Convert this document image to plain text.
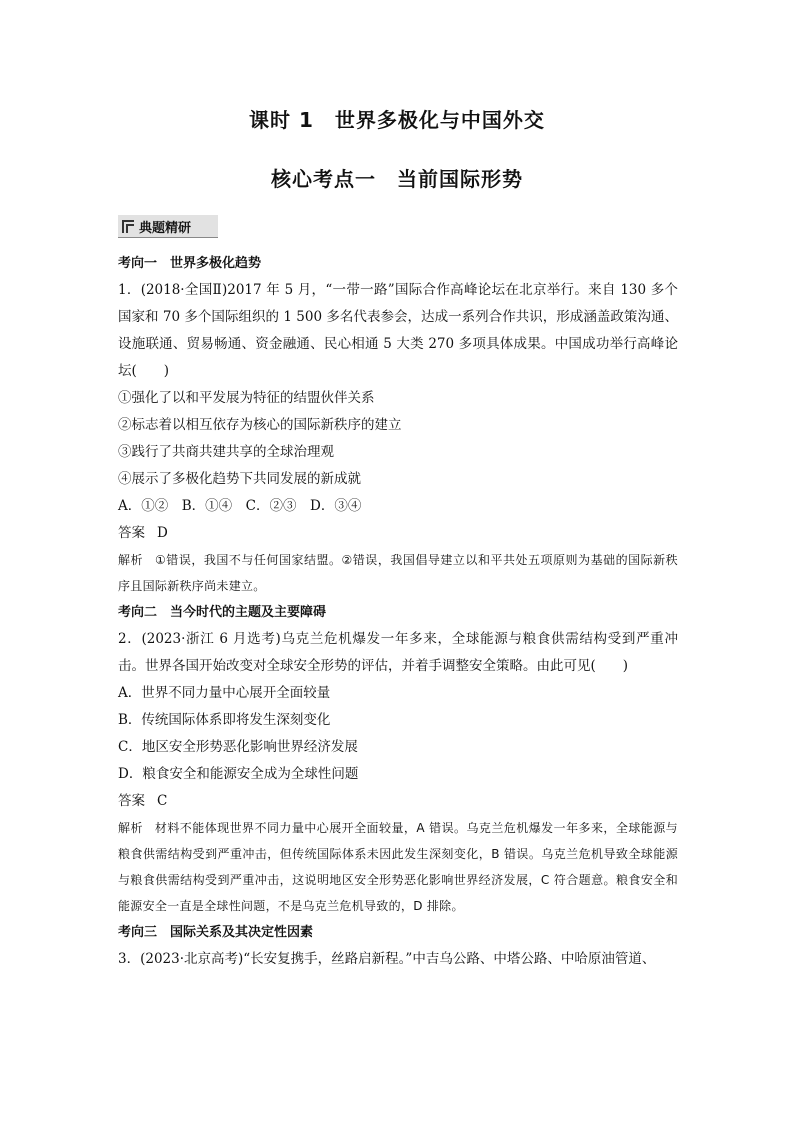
课时 1　世界多极化与中国外交
核心考点一　当前国际形势
典题精研
考向一　世界多极化趋势
1．(2018·全国Ⅱ)2017 年 5 月，“一带一路”国际合作高峰论坛在北京举行。来自 130 多个国家和 70 多个国际组织的 1 500 多名代表参会，达成一系列合作共识，形成涵盖政策沟通、设施联通、贸易畅通、资金融通、民心相通 5 大类 270 多项具体成果。中国成功举行高峰论坛(　　)
①强化了以和平发展为特征的结盟伙伴关系
②标志着以相互依存为核心的国际新秩序的建立
③践行了共商共建共享的全球治理观
④展示了多极化趋势下共同发展的新成就
A．①②　B．①④　C．②③　D．③④
答案 D
解析 ①错误，我国不与任何国家结盟。②错误，我国倡导建立以和平共处五项原则为基础的国际新秩序且国际新秩序尚未建立。
考向二　当今时代的主题及主要障碍
2．(2023·浙江 6 月选考)乌克兰危机爆发一年多来，全球能源与粮食供需结构受到严重冲击。世界各国开始改变对全球安全形势的评估，并着手调整安全策略。由此可见(　　)
A．世界不同力量中心展开全面较量
B．传统国际体系即将发生深刻变化
C．地区安全形势恶化影响世界经济发展
D．粮食安全和能源安全成为全球性问题
答案 C
解析 材料不能体现世界不同力量中心展开全面较量，A 错误。乌克兰危机爆发一年多来，全球能源与粮食供需结构受到严重冲击，但传统国际体系未因此发生深刻变化，B 错误。乌克兰危机导致全球能源与粮食供需结构受到严重冲击，这说明地区安全形势恶化影响世界经济发展，C 符合题意。粮食安全和能源安全一直是全球性问题，不是乌克兰危机导致的，D 排除。
考向三　国际关系及其决定性因素
3．(2023·北京高考)“长安复携手，丝路启新程。”中吉乌公路、中塔公路、中哈原油管道、
